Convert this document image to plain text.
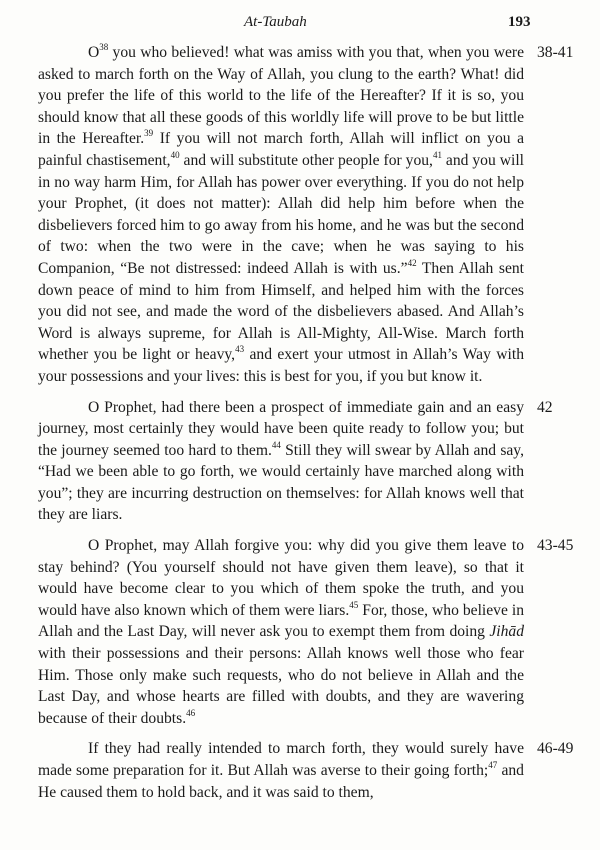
At-Taubah	193

38-41
$O^{38}$ you who believed! what was amiss with you that, when you were asked to march forth on the Way of Allah, you clung to the earth? What! did you prefer the life of this world to the life of the Hereafter? If it is so, you should know that all these goods of this worldly life will prove to be but little in the Hereafter.$^{39}$ If you will not march forth, Allah will inflict on you a painful chastisement,$^{40}$ and will substitute other people for you,$^{41}$ and you will in no way harm Him, for Allah has power over everything. If you do not help your Prophet, (it does not matter): Allah did help him before when the disbelievers forced him to go away from his home, and he was but the second of two: when the two were in the cave; when he was saying to his Companion, “Be not distressed: indeed Allah is with us.”$^{42}$ Then Allah sent down peace of mind to him from Himself, and helped him with the forces you did not see, and made the word of the disbelievers abased. And Allah’s Word is always supreme, for Allah is All-Mighty, All-Wise. March forth whether you be light or heavy,$^{43}$ and exert your utmost in Allah’s Way with your possessions and your lives: this is best for you, if you but know it.

42
O Prophet, had there been a prospect of immediate gain and an easy journey, most certainly they would have been quite ready to follow you; but the journey seemed too hard to them.$^{44}$ Still they will swear by Allah and say, “Had we been able to go forth, we would certainly have marched along with you”; they are incurring destruction on themselves: for Allah knows well that they are liars.

43-45
O Prophet, may Allah forgive you: why did you give them leave to stay behind? (You yourself should not have given them leave), so that it would have become clear to you which of them spoke the truth, and you would have also known which of them were liars.$^{45}$ For, those, who believe in Allah and the Last Day, will never ask you to exempt them from doing Jihād with their possessions and their persons: Allah knows well those who fear Him. Those only make such requests, who do not believe in Allah and the Last Day, and whose hearts are filled with doubts, and they are wavering because of their doubts.$^{46}$

46-49
If they had really intended to march forth, they would surely have made some preparation for it. But Allah was averse to their going forth;$^{47}$ and He caused them to hold back, and it was said to them,
